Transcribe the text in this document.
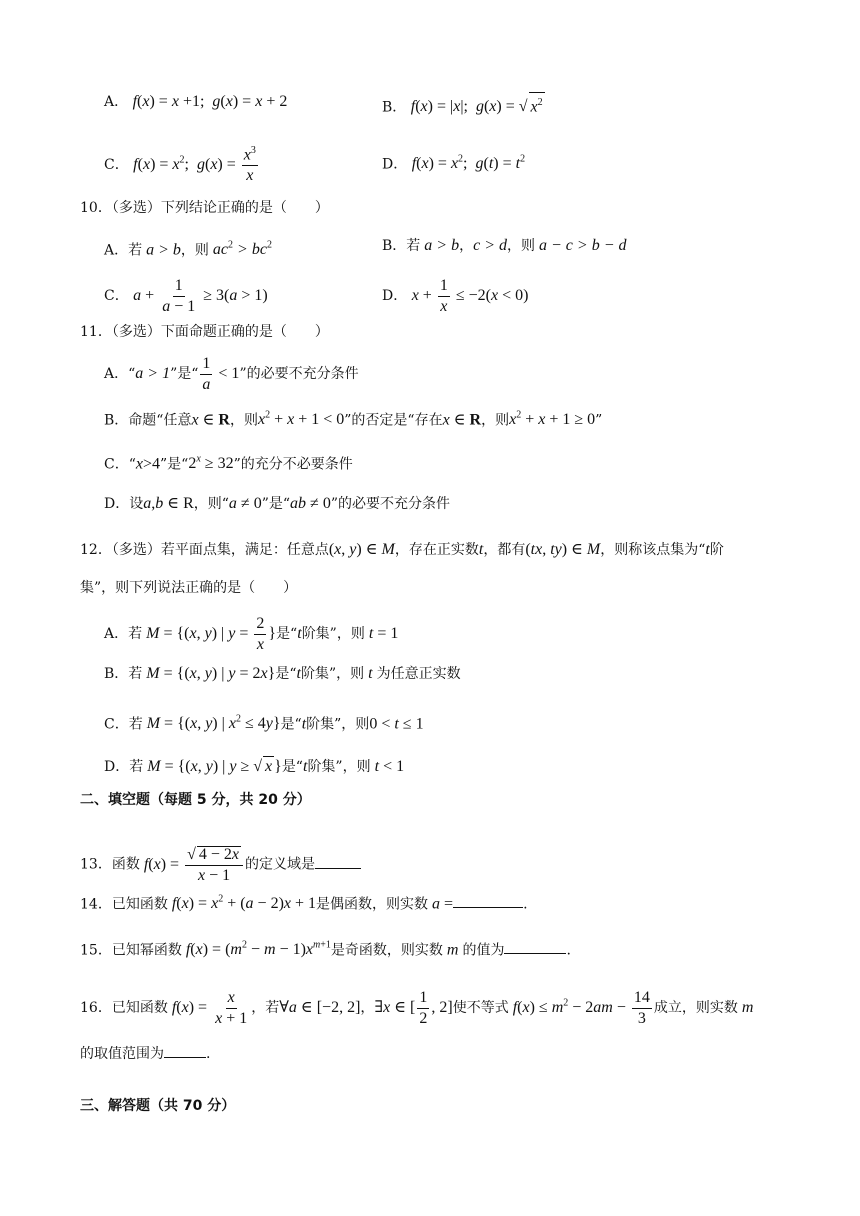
A． f(x) = x +1;  g(x) = x + 2	B． f(x) = |x|;  g(x) = √ $x^2$
C． $f(x) = x^2$;  $g(x) = \frac{x^3}{x}$	D． $f(x) = x^2$;  $g(t) = t^2$
10．（多选）下列结论正确的是（　　）
A．若 a > b，则 $ac^2 > bc^2$	B．若 a > b，c > d，则 a − c > b − d
C． $a + \frac{1}{a - 1} \ge 3(a > 1)$	D． $x + \frac{1}{x} \le -2(x < 0)$
11．（多选）下面命题正确的是（　　）
A．“a > 1”是“ $\frac{1}{a} < 1$”的必要不充分条件
B．命题“任意x ∈ R，则$x^2 + x + 1 < 0$”的否定是“存在x ∈ R，则$x^2 + x + 1 \ge 0$”
C．“x>4”是“$2^x \ge 32$”的充分不必要条件
D．设a,b ∈ R，则“a ≠ 0”是“ab ≠ 0”的必要不充分条件
12．（多选）若平面点集，满足：任意点(x, y) ∈ M，存在正实数t，都有(tx, ty) ∈ M，则称该点集为“t阶
集”，则下列说法正确的是（　　）
A．若 M = {(x, y) | $y = \frac{2}{x}$ }是“t阶集”，则 t = 1
B．若 M = {(x, y) | y = 2x}是“t阶集”，则 t 为任意正实数
C．若 M = {(x, y) | $x^2 \le 4y$}是“t阶集”，则0 < t ≤ 1
D．若 M = {(x, y) | y ≥ √ x }是“t阶集”，则 t < 1
二、填空题（每题 5 分，共 20 分）
13．函数 $f(x) = \frac{√ 4 - 2x}{x - 1}$ 的定义域是
14．已知函数 $f(x) = x^2 + (a - 2)x + 1$是偶函数，则实数 a =	.
15．已知幂函数 $f(x) = (m^2 - m - 1)x^{m+1}$是奇函数，则实数 m 的值为	.
16．已知函数 $f(x) = \frac{x}{x + 1}$ ，若∀a ∈ [−2, 2]，∃x ∈ [ $\frac{1}{2}$ , 2]使不等式 $f(x) \le m^2 - 2am - \frac{14}{3}$ 成立，则实数 m
的取值范围为	.
三、解答题（共 70 分）
